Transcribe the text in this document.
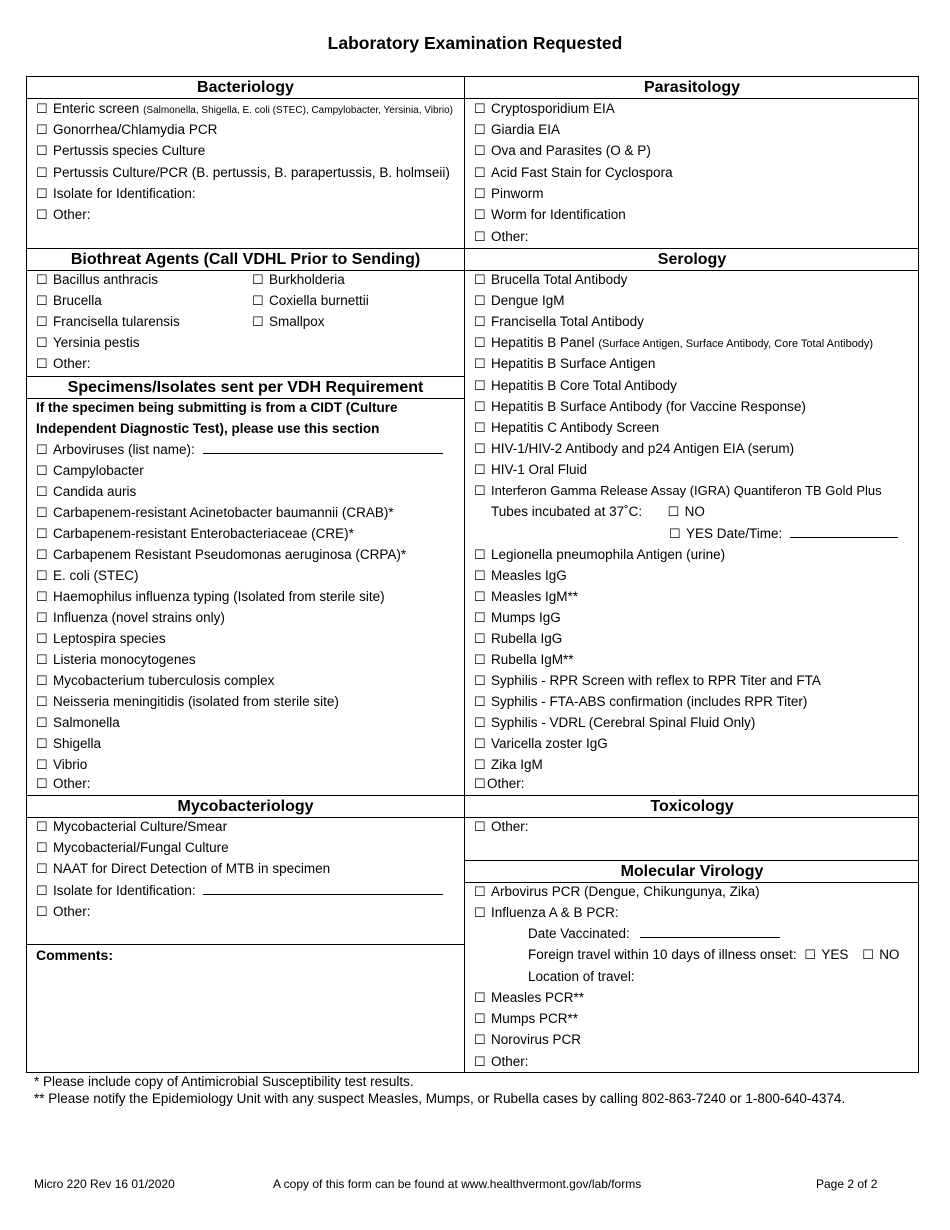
Laboratory Examination Requested
Bacteriology
☐ Enteric screen (Salmonella, Shigella, E. coli (STEC), Campylobacter, Yersinia, Vibrio)
☐ Gonorrhea/Chlamydia PCR
☐ Pertussis species Culture
☐ Pertussis Culture/PCR (B. pertussis, B. parapertussis, B. holmseii)
☐ Isolate for Identification:
☐ Other:
Biothreat Agents (Call VDHL Prior to Sending)
☐ Bacillus anthracis
☐ Brucella
☐ Francisella tularensis
☐ Yersinia pestis
☐ Other:
☐ Burkholderia
☐ Coxiella burnettii
☐ Smallpox
Specimens/Isolates sent per VDH Requirement
If the specimen being submitting is from a CIDT (Culture
Independent Diagnostic Test), please use this section
☐ Arboviruses (list name):
☐ Campylobacter
☐ Candida auris
☐ Carbapenem-resistant Acinetobacter baumannii (CRAB)*
☐ Carbapenem-resistant Enterobacteriaceae (CRE)*
☐ Carbapenem Resistant Pseudomonas aeruginosa (CRPA)*
☐ E. coli (STEC)
☐ Haemophilus influenza typing (Isolated from sterile site)
☐ Influenza (novel strains only)
☐ Leptospira species
☐ Listeria monocytogenes
☐ Mycobacterium tuberculosis complex
☐ Neisseria meningitidis (isolated from sterile site)
☐ Salmonella
☐ Shigella
☐ Vibrio
☐ Other:
Mycobacteriology
☐ Mycobacterial Culture/Smear
☐ Mycobacterial/Fungal Culture
☐ NAAT for Direct Detection of MTB in specimen
☐ Isolate for Identification:
☐ Other:
Comments:
Parasitology
☐ Cryptosporidium EIA
☐ Giardia EIA
☐ Ova and Parasites (O & P)
☐ Acid Fast Stain for Cyclospora
☐ Pinworm
☐ Worm for Identification
☐ Other:
Serology
☐ Brucella Total Antibody
☐ Dengue IgM
☐ Francisella Total Antibody
☐ Hepatitis B Panel (Surface Antigen, Surface Antibody, Core Total Antibody)
☐ Hepatitis B Surface Antigen
☐ Hepatitis B Core Total Antibody
☐ Hepatitis B Surface Antibody (for Vaccine Response)
☐ Hepatitis C Antibody Screen
☐ HIV-1/HIV-2 Antibody and p24 Antigen EIA (serum)
☐ HIV-1 Oral Fluid
☐ Interferon Gamma Release Assay (IGRA) Quantiferon TB Gold Plus
Tubes incubated at 37˚C: ☐ NO
☐ YES Date/Time:
☐ Legionella pneumophila Antigen (urine)
☐ Measles IgG
☐ Measles IgM**
☐ Mumps IgG
☐ Rubella IgG
☐ Rubella IgM**
☐ Syphilis - RPR Screen with reflex to RPR Titer and FTA
☐ Syphilis - FTA-ABS confirmation (includes RPR Titer)
☐ Syphilis - VDRL (Cerebral Spinal Fluid Only)
☐ Varicella zoster IgG
☐ Zika IgM
☐Other:
Toxicology
☐ Other:
Molecular Virology
☐ Arbovirus PCR (Dengue, Chikungunya, Zika)
☐ Influenza A & B PCR:
Date Vaccinated:
Foreign travel within 10 days of illness onset: ☐ YES ☐ NO
Location of travel:
☐ Measles PCR**
☐ Mumps PCR**
☐ Norovirus PCR
☐ Other:
* Please include copy of Antimicrobial Susceptibility test results.
** Please notify the Epidemiology Unit with any suspect Measles, Mumps, or Rubella cases by calling 802-863-7240 or 1-800-640-4374.
Micro 220 Rev 16 01/2020	A copy of this form can be found at www.healthvermont.gov/lab/forms	Page 2 of 2
